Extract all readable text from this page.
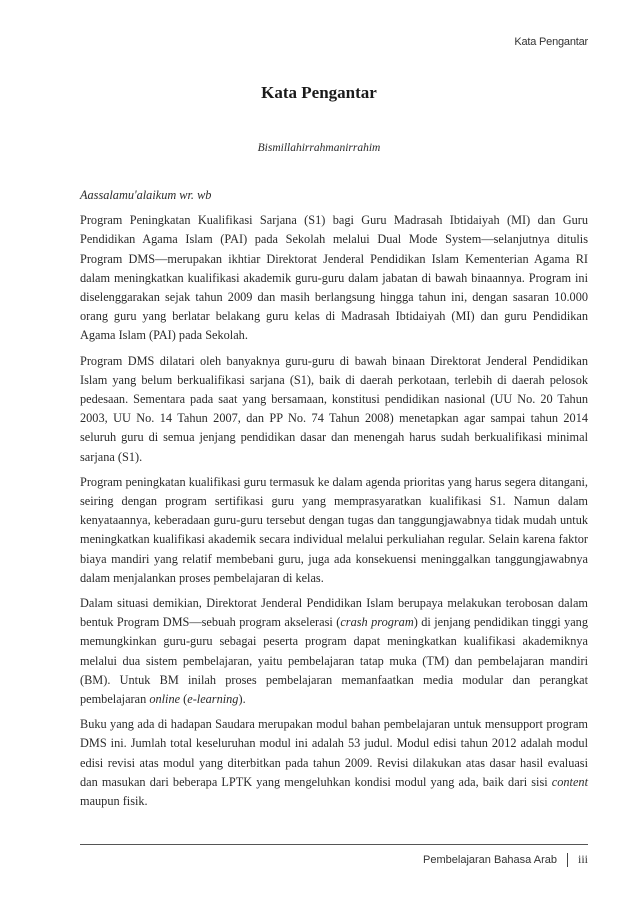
Kata Pengantar
Kata Pengantar
Bismillahirrahmanirrahim

Aassalamu'alaikum wr. wb

Program Peningkatan Kualifikasi Sarjana (S1) bagi Guru Madrasah Ibtidaiyah (MI) dan Guru Pendidikan Agama Islam (PAI) pada Sekolah melalui Dual Mode System—selanjutnya ditulis Program DMS—merupakan ikhtiar Direktorat Jenderal Pendidikan Islam Kementerian Agama RI dalam meningkatkan kualifikasi akademik guru-guru dalam jabatan di bawah binaannya. Program ini diselenggarakan sejak tahun 2009 dan masih berlangsung hingga tahun ini, dengan sasaran 10.000 orang guru yang berlatar belakang guru kelas di Madrasah Ibtidaiyah (MI) dan guru Pendidikan Agama Islam (PAI) pada Sekolah.

Program DMS dilatari oleh banyaknya guru-guru di bawah binaan Direktorat Jenderal Pendidikan Islam yang belum berkualifikasi sarjana (S1), baik di daerah perkotaan, terlebih di daerah pelosok pedesaan. Sementara pada saat yang bersamaan, konstitusi pendidikan nasional (UU No. 20 Tahun 2003, UU No. 14 Tahun 2007, dan PP No. 74 Tahun 2008) menetapkan agar sampai tahun 2014 seluruh guru di semua jenjang pendidikan dasar dan menengah harus sudah berkualifikasi minimal sarjana (S1).

Program peningkatan kualifikasi guru termasuk ke dalam agenda prioritas yang harus segera ditangani, seiring dengan program sertifikasi guru yang memprasyaratkan kualifikasi S1. Namun dalam kenyataannya, keberadaan guru-guru tersebut dengan tugas dan tanggungjawabnya tidak mudah untuk meningkatkan kualifikasi akademik secara individual melalui perkuliahan regular. Selain karena faktor biaya mandiri yang relatif membebani guru, juga ada konsekuensi meninggalkan tanggungjawabnya dalam menjalankan proses pembelajaran di kelas.

Dalam situasi demikian, Direktorat Jenderal Pendidikan Islam berupaya melakukan terobosan dalam bentuk Program DMS—sebuah program akselerasi (crash program) di jenjang pendidikan tinggi yang memungkinkan guru-guru sebagai peserta program dapat meningkatkan kualifikasi akademiknya melalui dua sistem pembelajaran, yaitu pembelajaran tatap muka (TM) dan pembelajaran mandiri (BM). Untuk BM inilah proses pembelajaran memanfaatkan media modular dan perangkat pembelajaran online (e-learning).

Buku yang ada di hadapan Saudara merupakan modul bahan pembelajaran untuk mensupport program DMS ini. Jumlah total keseluruhan modul ini adalah 53 judul. Modul edisi tahun 2012 adalah modul edisi revisi atas modul yang diterbitkan pada tahun 2009. Revisi dilakukan atas dasar hasil evaluasi dan masukan dari beberapa LPTK yang mengeluhkan kondisi modul yang ada, baik dari sisi content maupun fisik.

Pembelajaran Bahasa Arab iii
